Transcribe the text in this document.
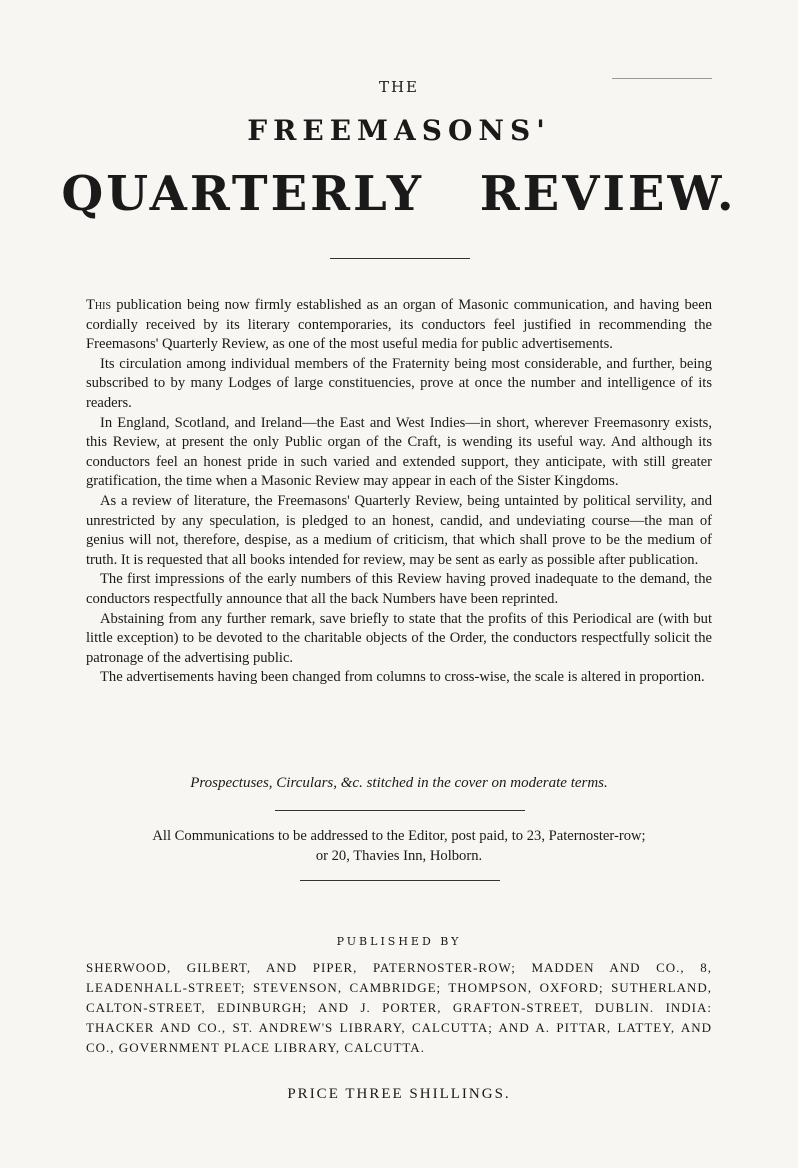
THE
FREEMASONS'
QUARTERLY REVIEW.

This publication being now firmly established as an organ of Masonic communication, and having been cordially received by its literary contemporaries, its conductors feel justified in recommending the Freemasons' Quarterly Review, as one of the most useful media for public advertisements.

Its circulation among individual members of the Fraternity being most considerable, and further, being subscribed to by many Lodges of large constituencies, prove at once the number and intelligence of its readers.

In England, Scotland, and Ireland—the East and West Indies—in short, wherever Freemasonry exists, this Review, at present the only Public organ of the Craft, is wending its useful way. And although its conductors feel an honest pride in such varied and extended support, they anticipate, with still greater gratification, the time when a Masonic Review may appear in each of the Sister Kingdoms.

As a review of literature, the Freemasons' Quarterly Review, being untainted by political servility, and unrestricted by any speculation, is pledged to an honest, candid, and undeviating course—the man of genius will not, therefore, despise, as a medium of criticism, that which shall prove to be the medium of truth. It is requested that all books intended for review, may be sent as early as possible after publication.

The first impressions of the early numbers of this Review having proved inadequate to the demand, the conductors respectfully announce that all the back Numbers have been reprinted.

Abstaining from any further remark, save briefly to state that the profits of this Periodical are (with but little exception) to be devoted to the charitable objects of the Order, the conductors respectfully solicit the patronage of the advertising public.

The advertisements having been changed from columns to cross-wise, the scale is altered in proportion.

Prospectuses, Circulars, &c. stitched in the cover on moderate terms.
All Communications to be addressed to the Editor, post paid, to 23, Paternoster-row;
or 20, Thavies Inn, Holborn.
PUBLISHED BY
SHERWOOD, GILBERT, AND PIPER, PATERNOSTER-ROW; MADDEN AND CO., 8, LEADENHALL-STREET; STEVENSON, CAMBRIDGE; THOMPSON, OXFORD; SUTHERLAND, CALTON-STREET, EDINBURGH; AND J. PORTER, GRAFTON-STREET, DUBLIN. INDIA: THACKER AND CO., ST. ANDREW'S LIBRARY, CALCUTTA; AND A. PITTAR, LATTEY, AND CO., GOVERNMENT PLACE LIBRARY, CALCUTTA.
PRICE THREE SHILLINGS.
